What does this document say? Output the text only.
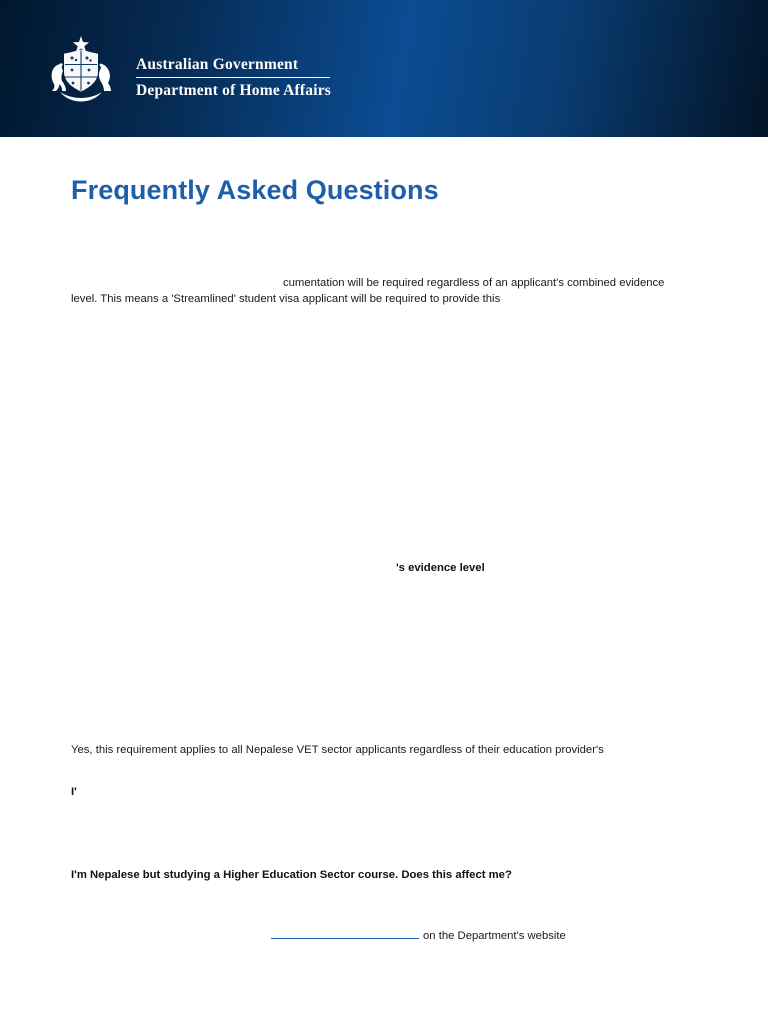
Australian Government
Department of Home Affairs
Frequently Asked Questions

cumentation will be required regardless of an applicant's combined evidence level. This means a 'Streamlined' student visa applicant will be required to provide this

's evidence level

Yes, this requirement applies to all Nepalese VET sector applicants regardless of their education provider's

I'
I'm Nepalese but studying a Higher Education Sector course. Does this affect me?
on the Department's website
